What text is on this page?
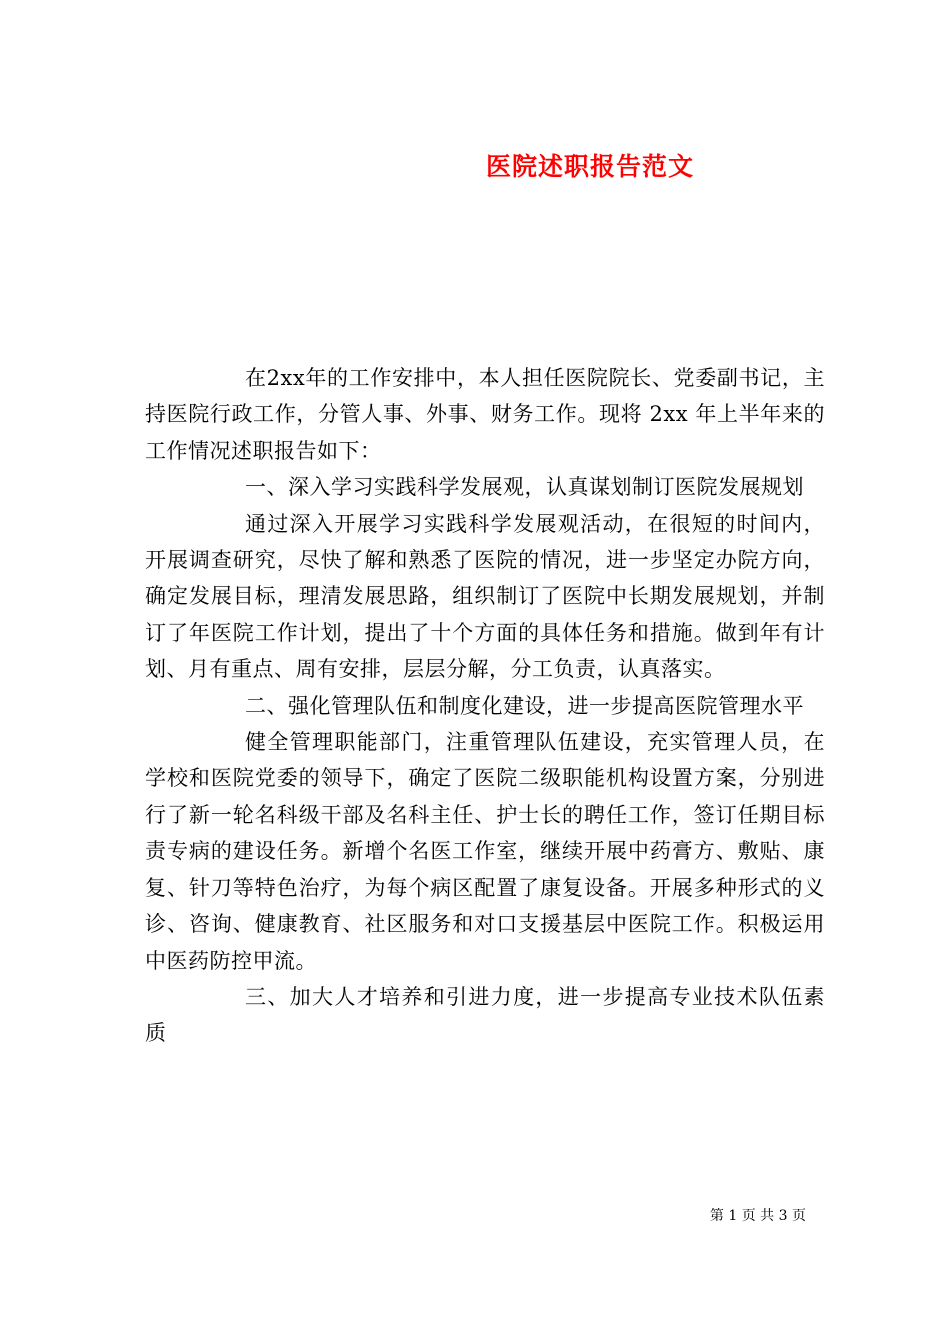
医院述职报告范文

在2xx年的工作安排中，本人担任医院院长、党委副书记，主持医院行政工作，分管人事、外事、财务工作。现将 2xx 年上半年来的工作情况述职报告如下：

一、深入学习实践科学发展观，认真谋划制订医院发展规划

通过深入开展学习实践科学发展观活动，在很短的时间内，开展调查研究，尽快了解和熟悉了医院的情况，进一步坚定办院方向，确定发展目标，理清发展思路，组织制订了医院中长期发展规划，并制订了年医院工作计划，提出了十个方面的具体任务和措施。做到年有计划、月有重点、周有安排，层层分解，分工负责，认真落实。

二、强化管理队伍和制度化建设，进一步提高医院管理水平

健全管理职能部门，注重管理队伍建设，充实管理人员，在学校和医院党委的领导下，确定了医院二级职能机构设置方案，分别进行了新一轮名科级干部及名科主任、护士长的聘任工作，签订任期目标责专病的建设任务。新增个名医工作室，继续开展中药膏方、敷贴、康复、针刀等特色治疗，为每个病区配置了康复设备。开展多种形式的义诊、咨询、健康教育、社区服务和对口支援基层中医院工作。积极运用中医药防控甲流。

三、加大人才培养和引进力度，进一步提高专业技术队伍素质

第 1 页 共 3 页
